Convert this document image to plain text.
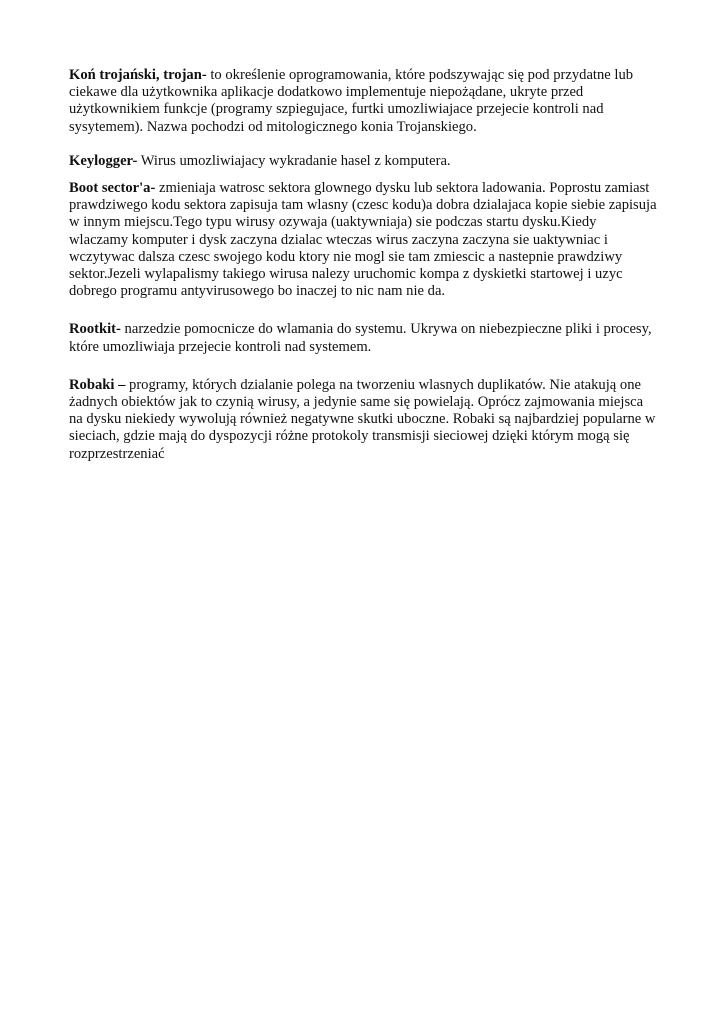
Koń trojański, trojan- to określenie oprogramowania, które podszywając się pod przydatne lub ciekawe dla użytkownika aplikacje dodatkowo implementuje niepożądane, ukryte przed użytkownikiem funkcje (programy szpiegujace, furtki umozliwiajace przejecie kontroli nad sysytemem). Nazwa pochodzi od mitologicznego konia Trojanskiego.

Keylogger- Wirus umozliwiajacy wykradanie hasel z komputera.

Boot sector'a- zmieniaja watrosc sektora glownego dysku lub sektora ladowania. Poprostu zamiast prawdziwego kodu sektora zapisuja tam wlasny (czesc kodu)a dobra dzialajaca kopie siebie zapisuja w innym miejscu.Tego typu wirusy ozywaja (uaktywniaja) sie podczas startu dysku.Kiedy wlaczamy komputer i dysk zaczyna dzialac wteczas wirus zaczyna zaczyna sie uaktywniac i wczytywac dalsza czesc swojego kodu ktory nie mogl sie tam zmiescic a nastepnie prawdziwy sektor.Jezeli wylapalismy takiego wirusa nalezy uruchomic kompa z dyskietki startowej i uzyc dobrego programu antyvirusowego bo inaczej to nic nam nie da.

Rootkit- narzedzie pomocnicze do wlamania do systemu. Ukrywa on niebezpieczne pliki i procesy, które umozliwiaja przejecie kontroli nad systemem.

Robaki – programy, których dzialanie polega na tworzeniu wlasnych duplikatów. Nie atakują one żadnych obiektów jak to czynią wirusy, a jedynie same się powielają. Oprócz zajmowania miejsca na dysku niekiedy wywolują również negatywne skutki uboczne. Robaki są najbardziej popularne w sieciach, gdzie mają do dyspozycji różne protokoly transmisji sieciowej dzięki którym mogą się rozprzestrzeniać
